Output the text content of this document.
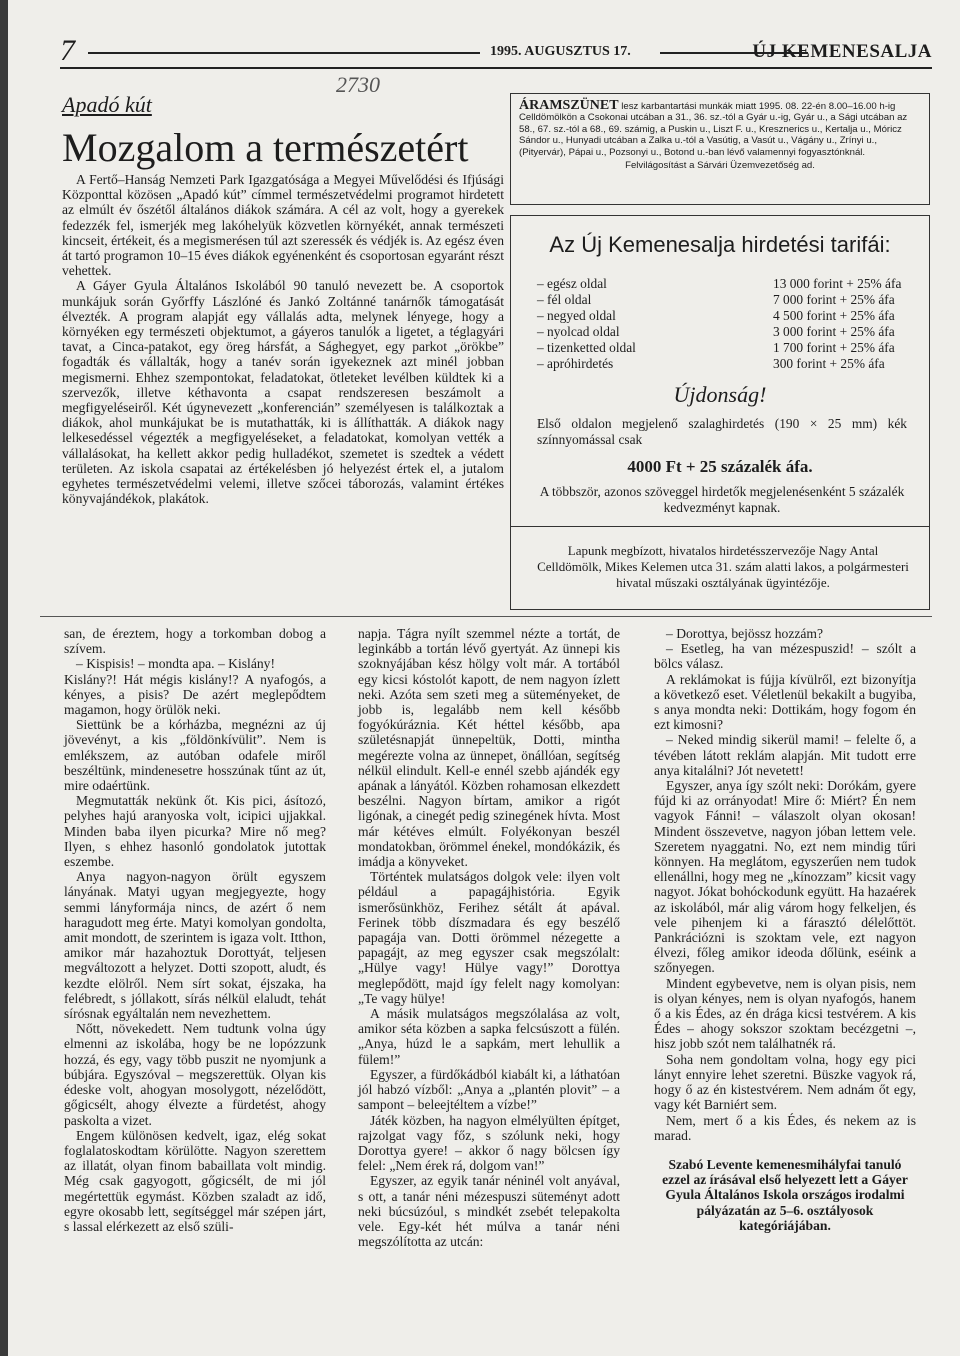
7	1995. AUGUSZTUS 17.	ÚJ KEMENESALJA
2730
Apadó kút
Mozgalom a természetért

A Fertő–Hanság Nemzeti Park Igazgatósága a Megyei Művelődési és Ifjúsági Központtal közösen „Apadó kút” címmel természetvédelmi programot hirdetett az elmúlt év őszétől általános diákok számára. A cél az volt, hogy a gyerekek fedezzék fel, ismerjék meg lakóhelyük közvetlen környékét, annak természeti kincseit, értékeit, és a megismerésen túl azt szeressék és védjék is. Az egész éven át tartó programon 10–15 éves diákok egyénenként és csoportosan egyaránt részt vehettek.

A Gáyer Gyula Általános Iskolából 90 tanuló nevezett be. A csoportok munkájuk során Győrffy Lászlóné és Jankó Zoltánné tanárnők támogatását élvezték. A program alapját egy vállalás adta, melynek lényege, hogy a környéken egy természeti objektumot, a gáyeros tanulók a ligetet, a téglagyári tavat, a Cinca-patakot, egy öreg hársfát, a Sághegyet, egy parkot „örökbe” fogadták és vállalták, hogy a tanév során igyekeznek azt minél jobban megismerni. Ehhez szempontokat, feladatokat, ötleteket levélben küldtek ki a szervezők, illetve kéthavonta a csapat rendszeresen beszámolt a megfigyeléseiről. Két úgynevezett „konferencián” személyesen is találkoztak a diákok, ahol munkájukat be is mutathatták, ki is állíthatták. A diákok nagy lelkesedéssel végezték a megfigyeléseket, a feladatokat, komolyan vették a vállalásokat, ha kellett akkor pedig hulladékot, szemetet is szedtek a védett területen. Az iskola csapatai az értékelésben jó helyezést értek el, a jutalom egyhetes természetvédelmi velemi, illetve szőcei táborozás, valamint értékes könyvajándékok, plakátok.

ÁRAMSZÜNET lesz karbantartási munkák miatt 1995. 08. 22-én 8.00–16.00 h-ig Celldömölkön a Csokonai utcában a 31., 36. sz.-tól a Gyár u.-ig, Gyár u., a Sági utcában az 58., 67. sz.-tól a 68., 69. számig, a Puskin u., Liszt F. u., Kresznerics u., Kertalja u., Móricz Sándor u., Hunyadi utcában a Zalka u.-tól a Vasútig, a Vasút u., Vágány u., Zrínyi u., (Pityervár), Pápai u., Pozsonyi u., Botond u.-ban lévő valamennyi fogyasztónknál.
Felvilágosítást a Sárvári Üzemvezetőség ad.
Az Új Kemenesalja hirdetési tarifái:
– egész oldal	13 000 forint + 25% áfa
– fél oldal	7 000 forint + 25% áfa
– negyed oldal	4 500 forint + 25% áfa
– nyolcad oldal	3 000 forint + 25% áfa
– tizenketted oldal	1 700 forint + 25% áfa
– apróhirdetés	300 forint + 25% áfa
Újdonság!
Első oldalon megjelenő szalaghirdetés (190 × 25 mm) kék színnyomással csak
4000 Ft + 25 százalék áfa.
A többször, azonos szöveggel hirdetők megjelenésenként 5 százalék kedvezményt kapnak.
Lapunk megbízott, hivatalos hirdetésszervezője Nagy Antal Celldömölk, Mikes Kelemen utca 31. szám alatti lakos, a polgármesteri hivatal műszaki osztályának ügyintézője.

san, de éreztem, hogy a torkomban dobog a szívem.

– Kispisis! – mondta apa. – Kislány!

Kislány?! Hát mégis kislány!? A nyafogós, a kényes, a pisis? De azért meglepődtem magamon, hogy örülök neki.

Siettünk be a kórházba, megnézni az új jövevényt, a kis „földönkívülit”. Nem is emlékszem, az autóban odafele miről beszéltünk, mindenesetre hosszúnak tűnt az út, mire odaértünk.

Megmutatták nekünk őt. Kis pici, ásítozó, pelyhes hajú aranyoska volt, icipici ujjakkal. Minden baba ilyen picurka? Mire nő meg? Ilyen, s ehhez hasonló gondolatok jutottak eszembe.

Anya nagyon-nagyon örült egyszem lányának. Matyi ugyan megjegyezte, hogy semmi lányformája nincs, de azért ő nem haragudott meg érte. Matyi komolyan gondolta, amit mondott, de szerintem is igaza volt. Itthon, amikor már hazahoztuk Dorottyát, teljesen megváltozott a helyzet. Dotti szopott, aludt, és kezdte elölről. Nem sírt sokat, éjszaka, ha felébredt, s jóllakott, sírás nélkül elaludt, tehát sírósnak egyáltalán nem nevezhettem.

Nőtt, növekedett. Nem tudtunk volna úgy elmenni az iskolába, hogy be ne lopózzunk hozzá, és egy, vagy több puszit ne nyomjunk a búbjára. Egyszóval – megszerettük. Olyan kis édeske volt, ahogyan mosolygott, nézelődött, gőgicsélt, ahogy élvezte a fürdetést, ahogy paskolta a vizet.

Engem különösen kedvelt, igaz, elég sokat foglalatoskodtam körülötte. Nagyon szerettem az illatát, olyan finom babaillata volt mindig. Még csak gagyogott, gőgicsélt, de mi jól megértettük egymást. Közben szaladt az idő, egyre okosabb lett, segítséggel már szépen járt, s lassal elérkezett az első szüli-

napja. Tágra nyílt szemmel nézte a tortát, de leginkább a tortán lévő gyertyát. Az ünnepi kis szoknyájában kész hölgy volt már. A tortából egy kicsi kóstolót kapott, de nem nagyon ízlett neki. Azóta sem szeti meg a süteményeket, de jobb is, legalább nem kell később fogyókúráznia. Két héttel később, apa születésnapját ünnepeltük, Dotti, mintha megérezte volna az ünnepet, önállóan, segítség nélkül elindult. Kell-e ennél szebb ajándék egy apának a lányától. Közben rohamosan elkezdett beszélni. Nagyon bírtam, amikor a rigót ligónak, a cinegét pedig szinegének hívta. Most már kétéves elmúlt. Folyékonyan beszél mondatokban, örömmel énekel, mondókázik, és imádja a könyveket.

Történtek mulatságos dolgok vele: ilyen volt például a papagájhistória. Egyik ismerősünkhöz, Ferihez sétált át apával. Ferinek több díszmadara és egy beszélő papagája van. Dotti örömmel nézegette a papagájt, az meg egyszer csak megszólalt: „Hülye vagy! Hülye vagy!” Dorottya meglepődött, majd így felelt nagy komolyan: „Te vagy hülye!

A másik mulatságos megszólalása az volt, amikor séta közben a sapka felcsúszott a fülén. „Anya, húzd le a sapkám, mert lehullik a fülem!”

Egyszer, a fürdőkádból kiabált ki, a láthatóan jól habzó vízből: „Anya a „plantén plovit” – a sampont – beleejtéltem a vízbe!”

Játék közben, ha nagyon elmélyülten építget, rajzolgat vagy főz, s szólunk neki, hogy Dorottya gyere! – akkor ő nagy bölcsen így felel: „Nem érek rá, dolgom van!”

Egyszer, az egyik tanár néninél volt anyával, s ott, a tanár néni mézespuszi süteményt adott neki búcsúzóul, s mindkét zsebét telepakolta vele. Egy-két hét múlva a tanár néni megszólította az utcán:

– Dorottya, bejössz hozzám?

– Esetleg, ha van mézespuszid! – szólt a bölcs válasz.

A reklámokat is fújja kívülről, ezt bizonyítja a következő eset. Véletlenül bekakilt a bugyiba, s anya mondta neki: Dottikám, hogy fogom én ezt kimosni?

– Neked mindig sikerül mami! – felelte ő, a tévében látott reklám alapján. Mit tudott erre anya kitalálni? Jót nevetett!

Egyszer, anya így szólt neki: Dorókám, gyere fújd ki az orrányodat! Mire ő: Miért? Én nem vagyok Fánni! – válaszolt olyan okosan! Mindent összevetve, nagyon jóban lettem vele. Szeretem nyaggatni. No, ezt nem mindig tűri könnyen. Ha meglátom, egyszerűen nem tudok ellenállni, hogy meg ne „kínozzam” kicsit vagy nagyot. Jókat bohóckodunk együtt. Ha hazaérek az iskolából, már alig várom hogy felkeljen, és vele pihenjem ki a fárasztó délelőttöt. Pankrációzni is szoktam vele, ezt nagyon élvezi, főleg amikor ideoda dőlünk, eséink a szőnyegen.

Mindent egybevetve, nem is olyan pisis, nem is olyan kényes, nem is olyan nyafogós, hanem ő a kis Édes, az én drága kicsi testvérem. A kis Édes – ahogy sokszor szoktam becézgetni –, hisz jobb szót nem találhatnék rá.

Soha nem gondoltam volna, hogy egy pici lányt ennyire lehet szeretni. Büszke vagyok rá, hogy ő az én kistestvérem. Nem adnám őt egy, vagy két Barniért sem.

Nem, mert ő a kis Édes, és nekem az is marad.

Szabó Levente kemenesmihályfai tanuló ezzel az írásával első helyezett lett a Gáyer Gyula Általános Iskola országos irodalmi pályázatán az 5–6. osztályosok kategóriájában.
